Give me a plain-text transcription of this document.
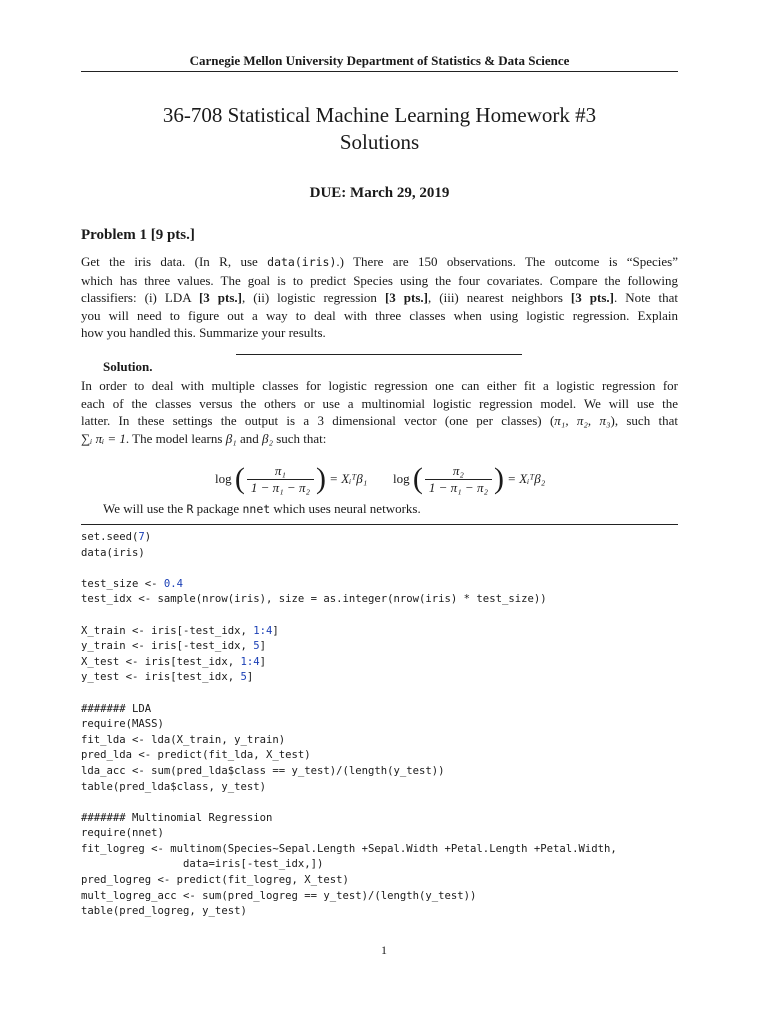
Carnegie Mellon University Department of Statistics & Data Science
36-708 Statistical Machine Learning Homework #3
Solutions
DUE: March 29, 2019
Problem 1 [9 pts.]
Get the iris data. (In R, use data(iris).) There are 150 observations. The outcome is “Species”
which has three values. The goal is to predict Species using the four covariates. Compare the following
classifiers: (i) LDA [3 pts.], (ii) logistic regression [3 pts.], (iii) nearest neighbors [3 pts.]. Note that
you will need to figure out a way to deal with three classes when using logistic regression. Explain
how you handled this. Summarize your results.
Solution.
In order to deal with multiple classes for logistic regression one can either fit a logistic regression for
each of the classes versus the others or use a multinomial logistic regression model. We will use the
latter. In these settings the output is a 3 dimensional vector (one per classes) (π₁, π₂, π₃), such that
∑ᵢ πᵢ = 1. The model learns β₁ and β₂ such that:
log
( $\frac{\text{π₁}}{\text{1 − π₁ − π₂}}$ )
= Xᵢᵀβ₁ log
( $\frac{\text{π₂}}{\text{1 − π₁ − π₂}}$ )
= Xᵢᵀβ₂
We will use the R package nnet which uses neural networks.
set.seed(7)
data(iris)
test_size <- 0.4
test_idx <- sample(nrow(iris), size = as.integer(nrow(iris) * test_size))
X_train <- iris[-test_idx, 1:4]
y_train <- iris[-test_idx, 5]
X_test <- iris[test_idx, 1:4]
y_test <- iris[test_idx, 5]
####### LDA
require(MASS)
fit_lda <- lda(X_train, y_train)
pred_lda <- predict(fit_lda, X_test)
lda_acc <- sum(pred_lda$class == y_test)/(length(y_test))
table(pred_lda$class, y_test)
####### Multinomial Regression
require(nnet)
fit_logreg <- multinom(Species~Sepal.Length +Sepal.Width +Petal.Length +Petal.Width,
data=iris[-test_idx,])
pred_logreg <- predict(fit_logreg, X_test)
mult_logreg_acc <- sum(pred_logreg == y_test)/(length(y_test))
table(pred_logreg, y_test)
1
